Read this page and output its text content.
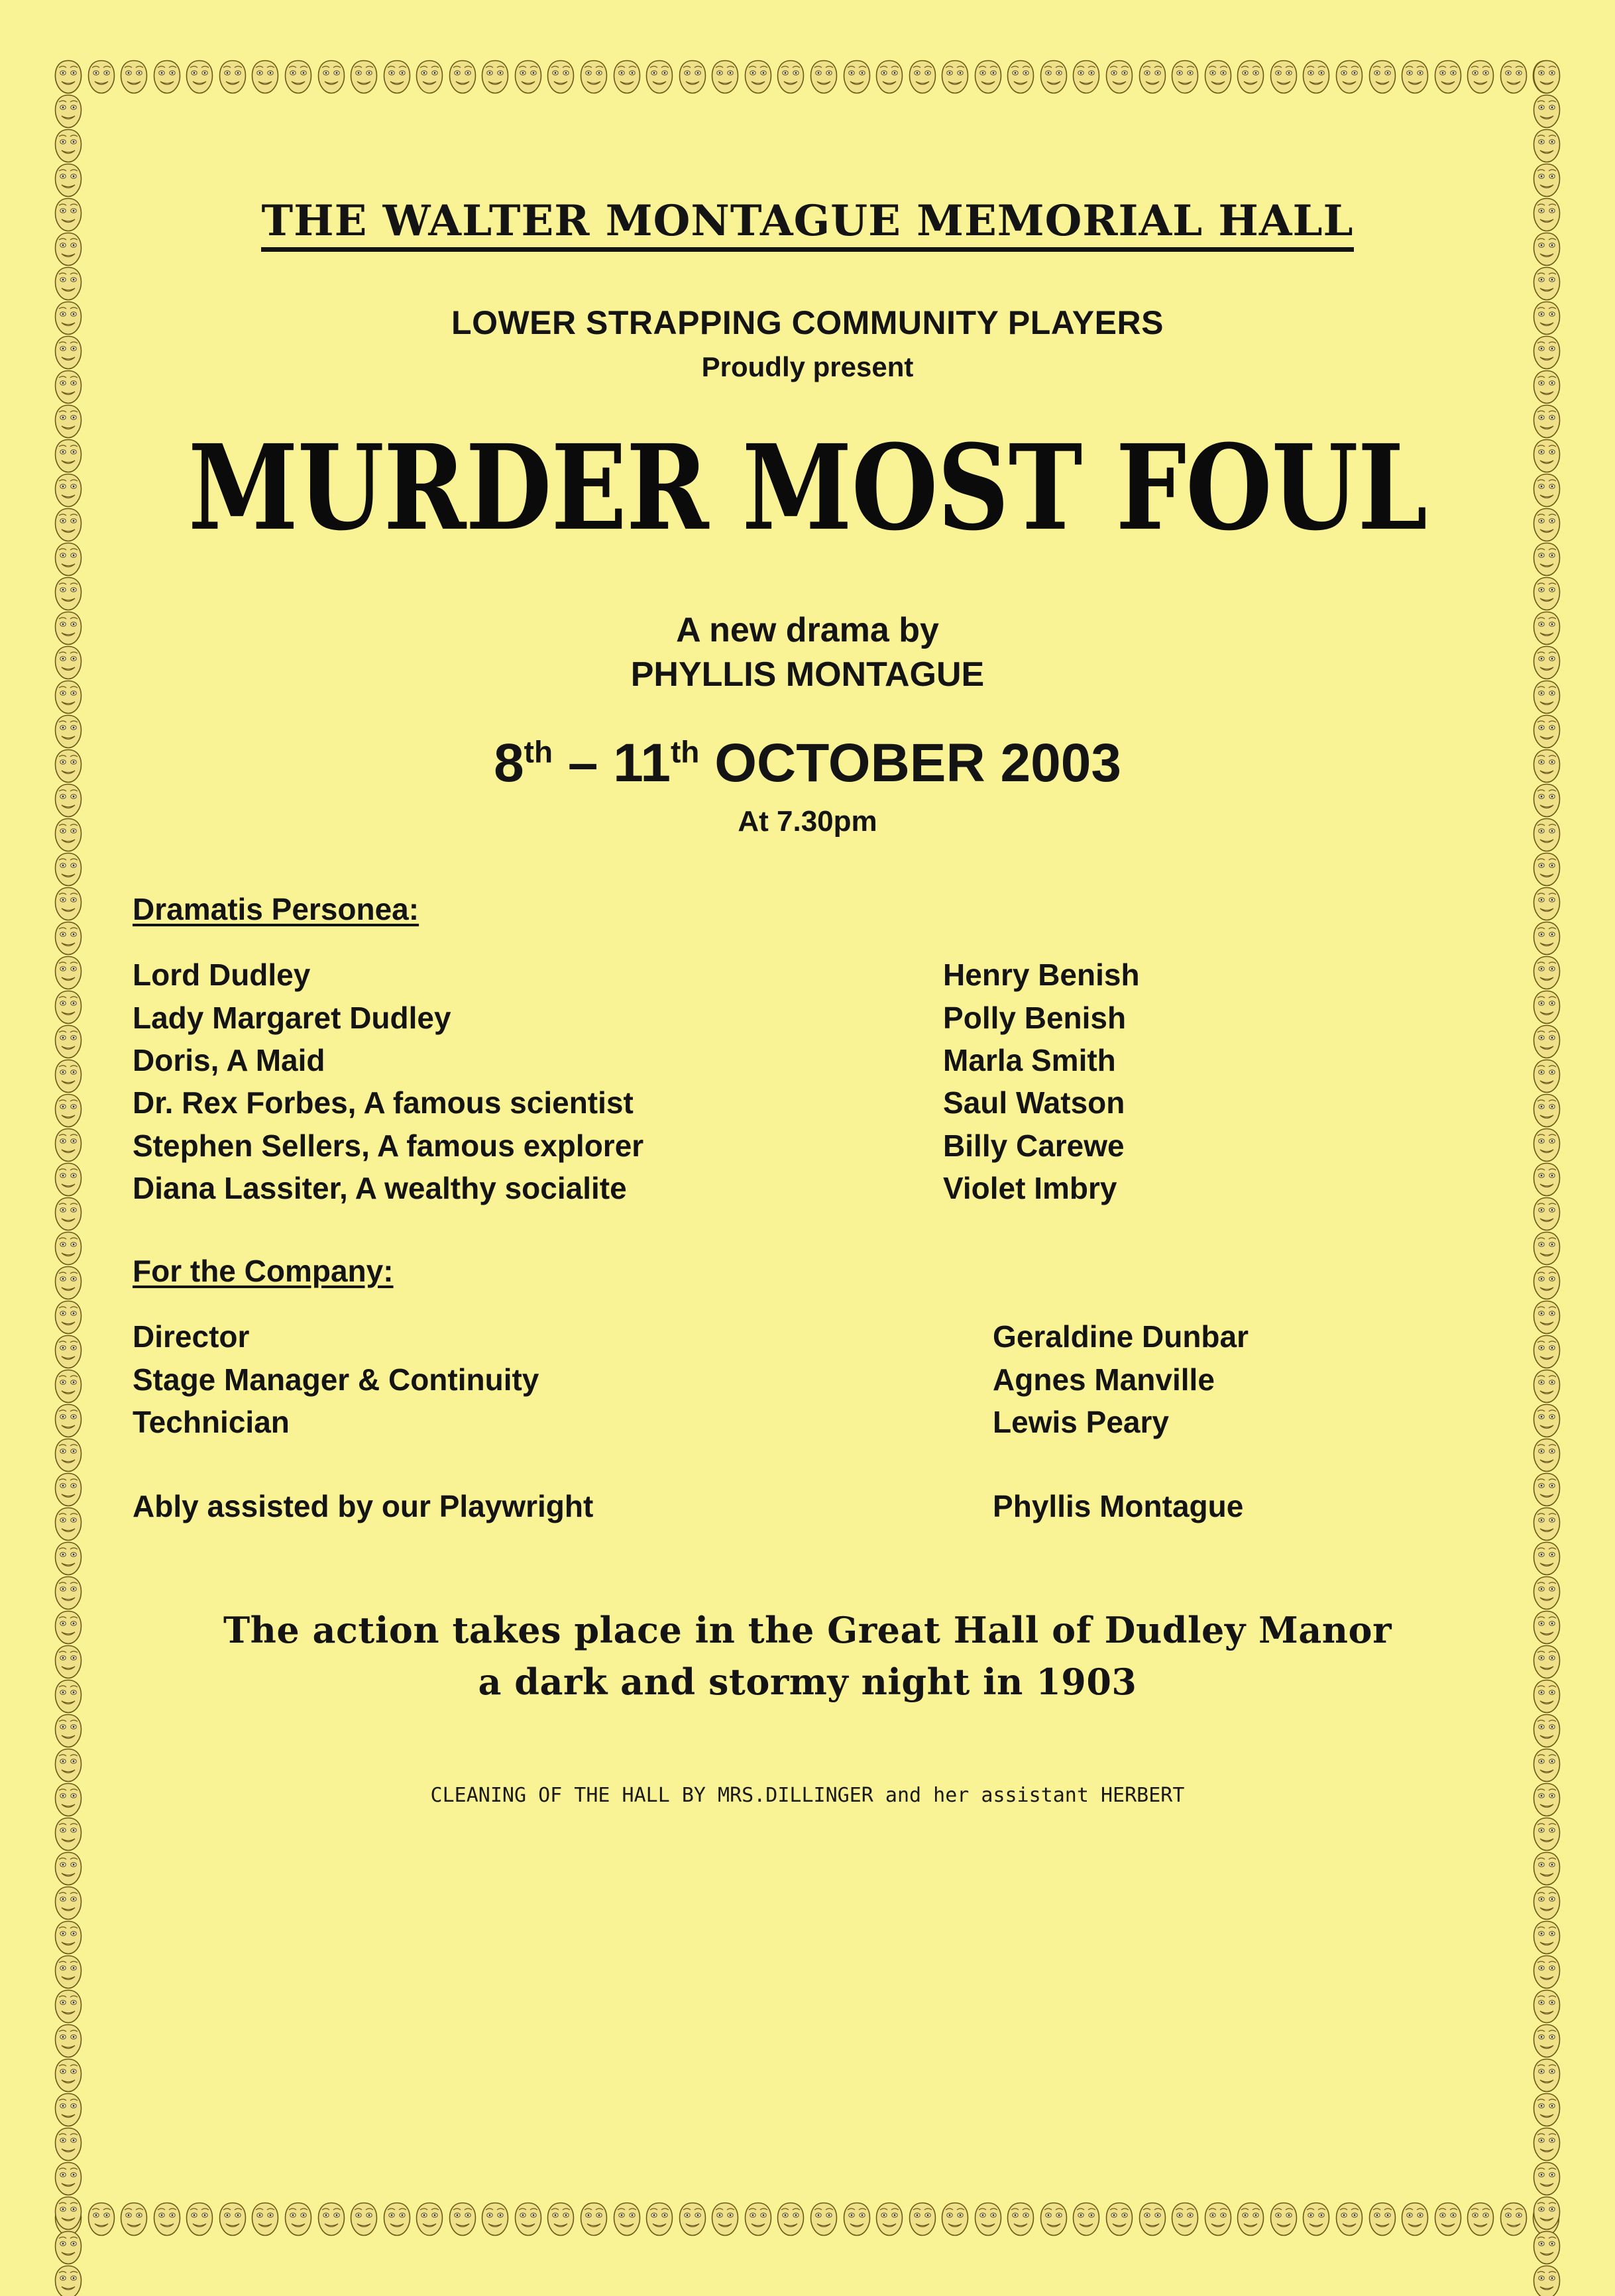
THE WALTER MONTAGUE MEMORIAL HALL
LOWER STRAPPING COMMUNITY PLAYERS
Proudly present
MURDER MOST FOUL
A new drama by
PHYLLIS MONTAGUE
8th – 11th OCTOBER 2003
At 7.30pm
Dramatis Personea:
Lord Dudley	Henry Benish
Lady Margaret Dudley	Polly Benish
Doris, A Maid	Marla Smith
Dr. Rex Forbes, A famous scientist	Saul Watson
Stephen Sellers, A famous explorer	Billy Carewe
Diana Lassiter, A wealthy socialite	Violet Imbry
For the Company:
Director	Geraldine Dunbar
Stage Manager & Continuity	Agnes Manville
Technician	Lewis Peary
Ably assisted by our Playwright	Phyllis Montague
The action takes place in the Great Hall of Dudley Manor
a dark and stormy night in 1903
CLEANING OF THE HALL BY MRS.DILLINGER and her assistant HERBERT
